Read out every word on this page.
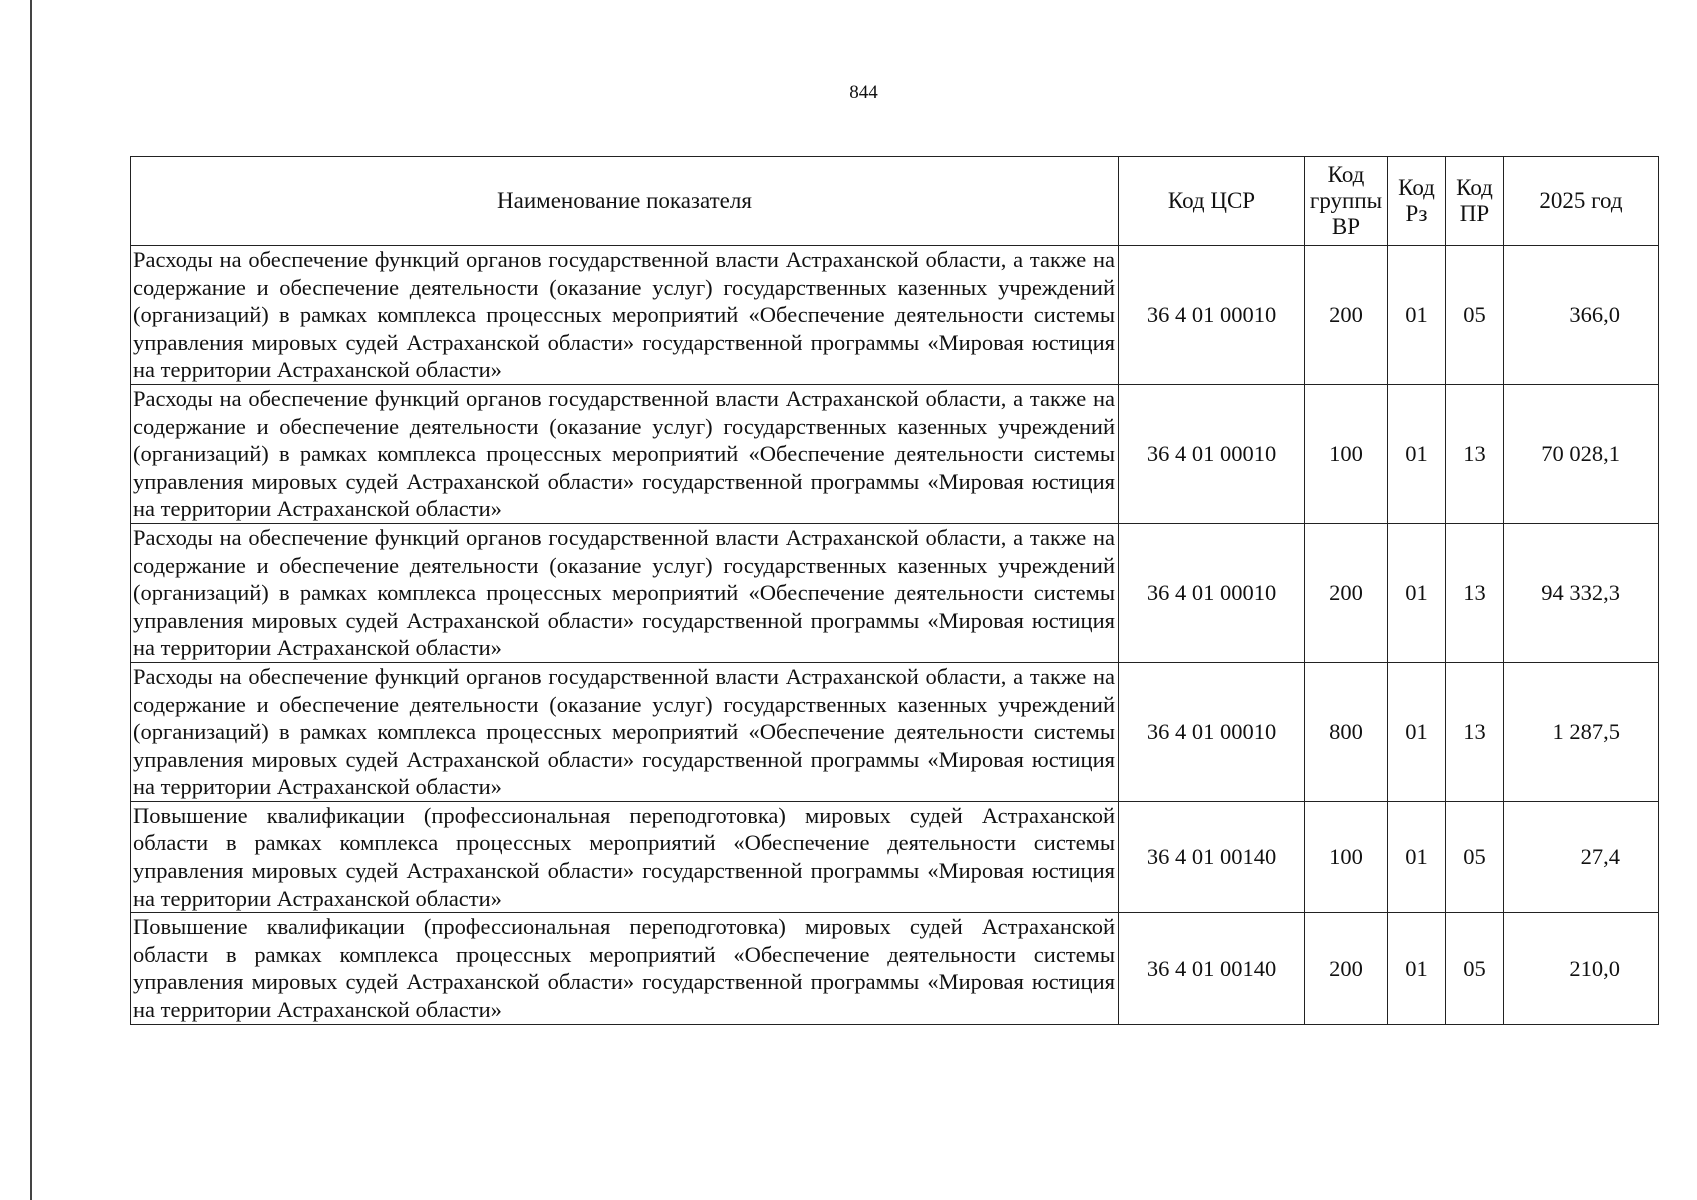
844
Наименование показателя	Код ЦСР	Код группы ВР	Код Рз	Код ПР	2025 год
Расходы на обеспечение функций органов государственной власти Астраханской области, а также на содержание и обеспечение деятельности (оказание услуг) государственных казенных учреждений (организаций) в рамках комплекса процессных мероприятий «Обеспечение деятельности системы управления мировых судей Астраханской области» государственной программы «Мировая юстиция на территории Астраханской области»	36 4 01 00010	200	01	05	366,0
Расходы на обеспечение функций органов государственной власти Астраханской области, а также на содержание и обеспечение деятельности (оказание услуг) государственных казенных учреждений (организаций) в рамках комплекса процессных мероприятий «Обеспечение деятельности системы управления мировых судей Астраханской области» государственной программы «Мировая юстиция на территории Астраханской области»	36 4 01 00010	100	01	13	70 028,1
Расходы на обеспечение функций органов государственной власти Астраханской области, а также на содержание и обеспечение деятельности (оказание услуг) государственных казенных учреждений (организаций) в рамках комплекса процессных мероприятий «Обеспечение деятельности системы управления мировых судей Астраханской области» государственной программы «Мировая юстиция на территории Астраханской области»	36 4 01 00010	200	01	13	94 332,3
Расходы на обеспечение функций органов государственной власти Астраханской области, а также на содержание и обеспечение деятельности (оказание услуг) государственных казенных учреждений (организаций) в рамках комплекса процессных мероприятий «Обеспечение деятельности системы управления мировых судей Астраханской области» государственной программы «Мировая юстиция на территории Астраханской области»	36 4 01 00010	800	01	13	1 287,5
Повышение квалификации (профессиональная переподготовка) мировых судей Астраханской области в рамках комплекса процессных мероприятий «Обеспечение деятельности системы управления мировых судей Астраханской области» государственной программы «Мировая юстиция на территории Астраханской области»	36 4 01 00140	100	01	05	27,4
Повышение квалификации (профессиональная переподготовка) мировых судей Астраханской области в рамках комплекса процессных мероприятий «Обеспечение деятельности системы управления мировых судей Астраханской области» государственной программы «Мировая юстиция на территории Астраханской области»	36 4 01 00140	200	01	05	210,0
